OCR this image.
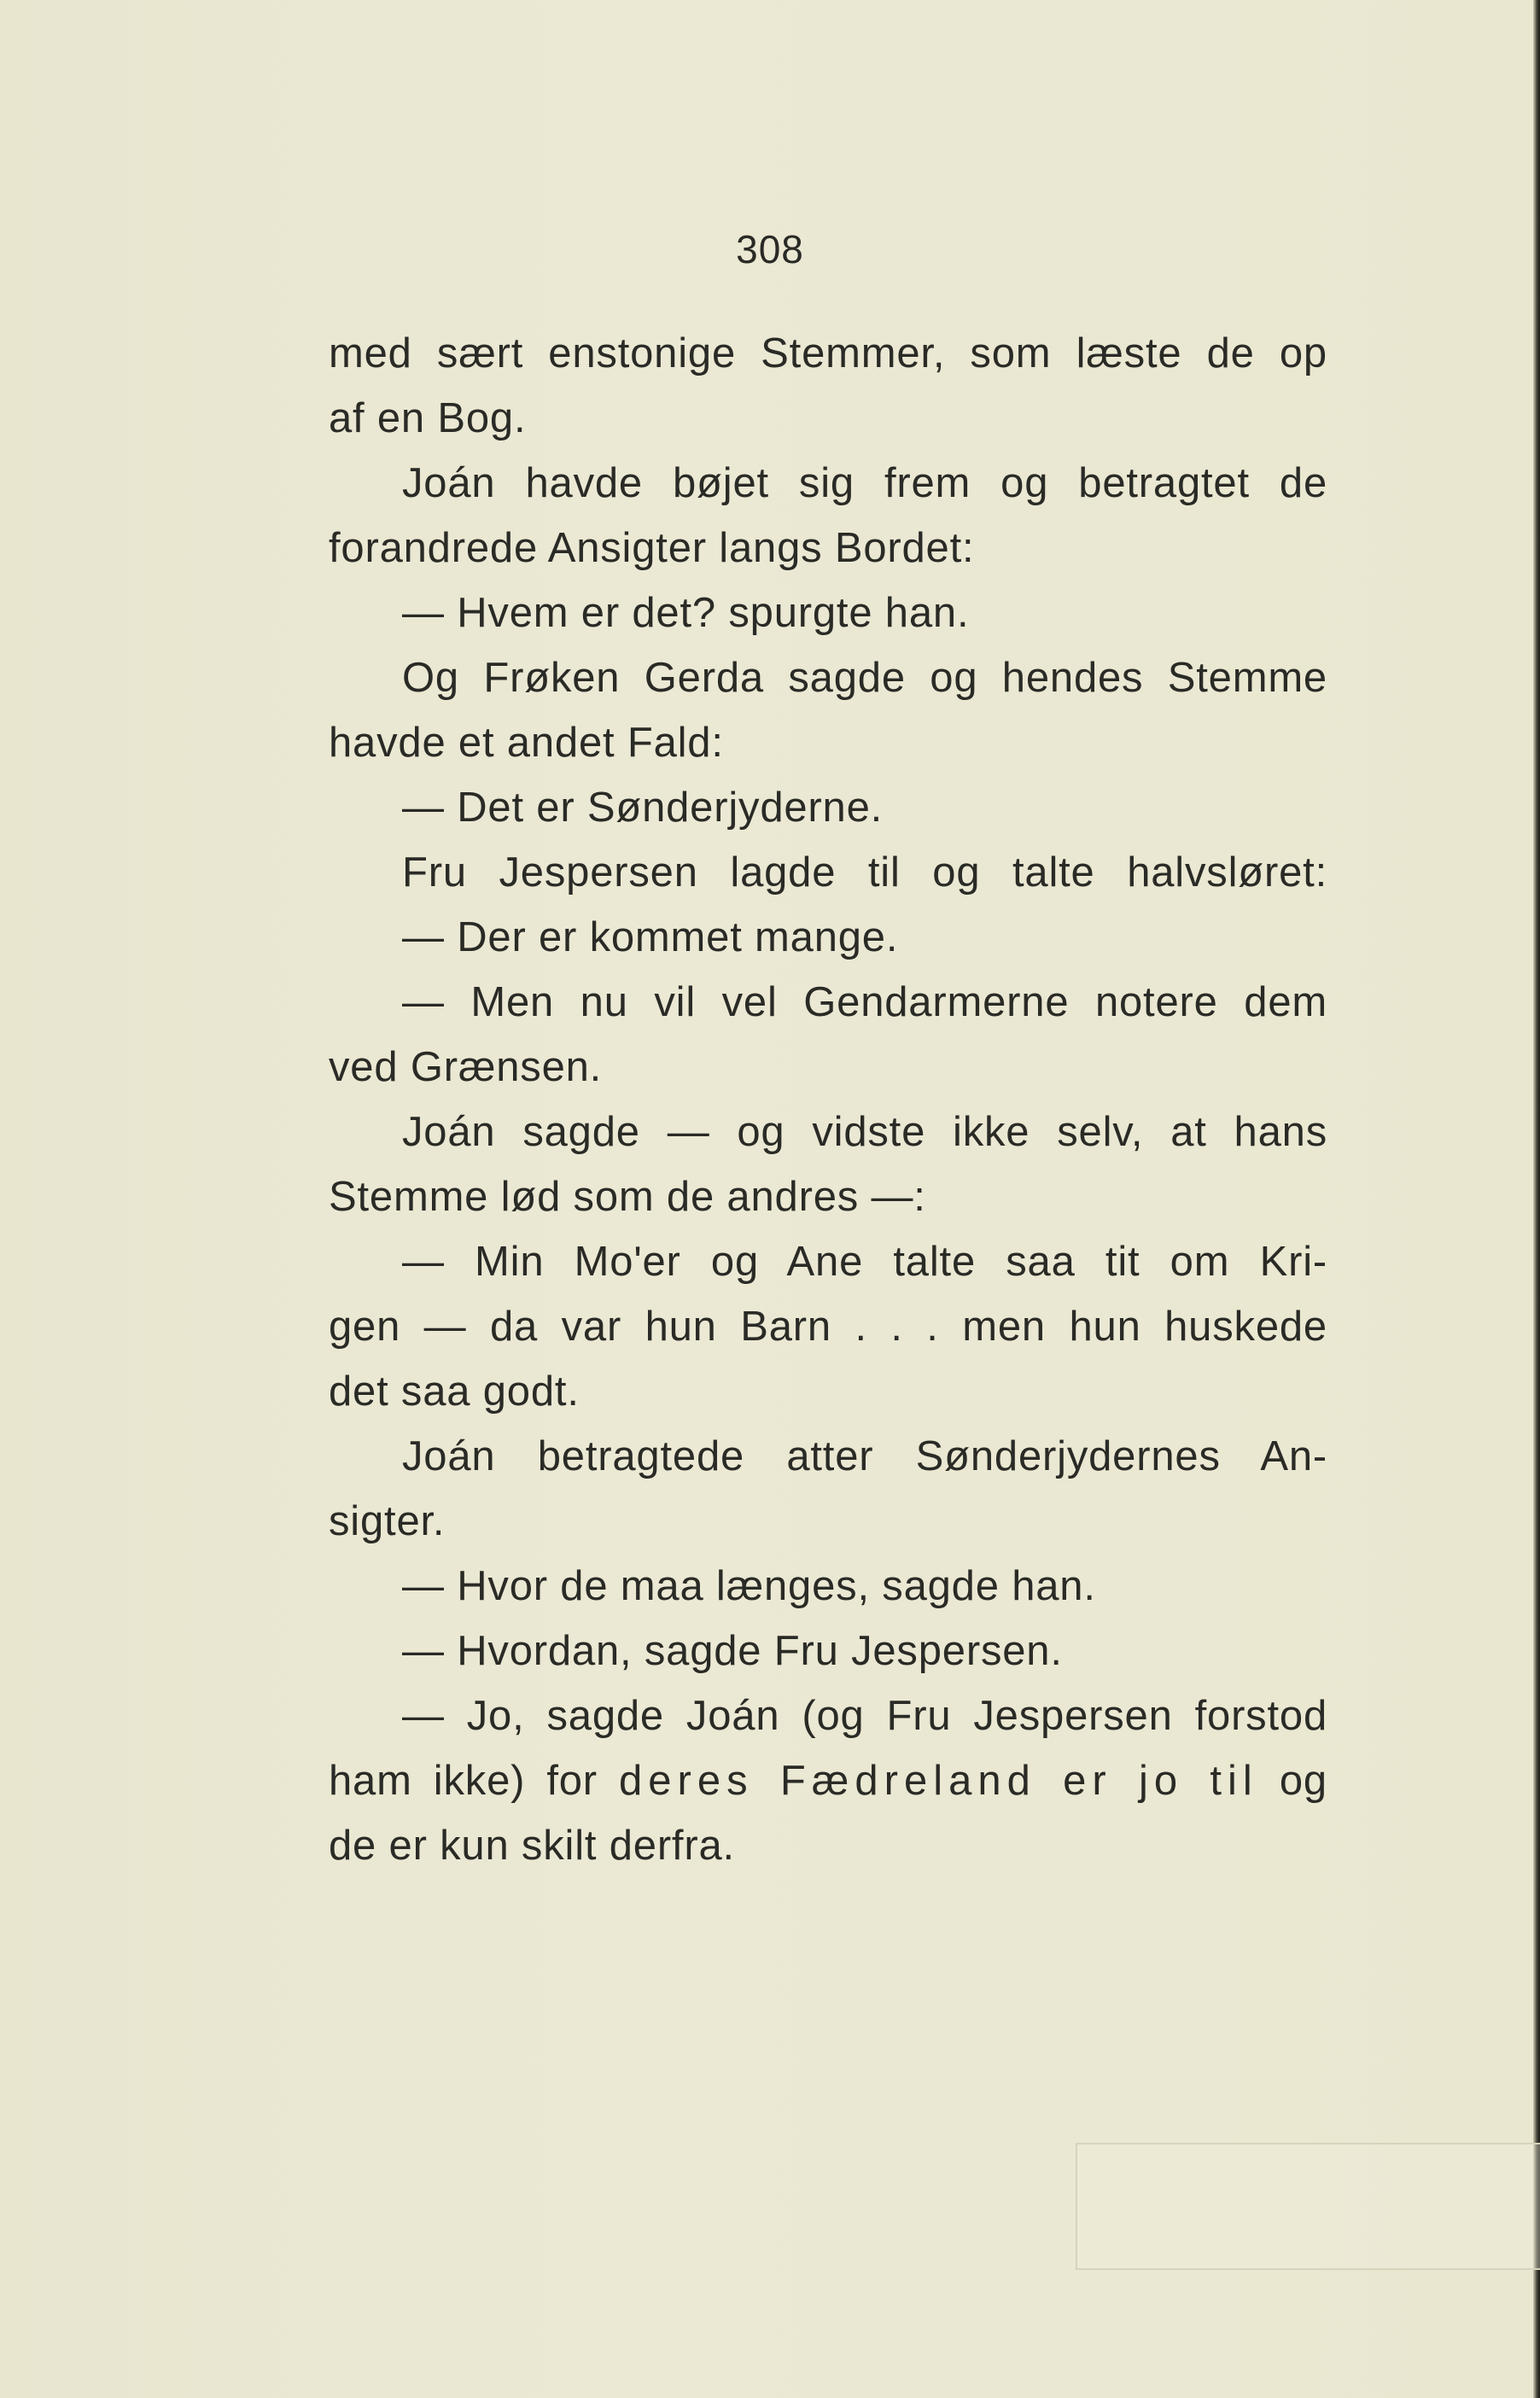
308
med sært enstonige Stemmer, som læste de op
af en Bog.
Joán havde bøjet sig frem og betragtet de
forandrede Ansigter langs Bordet:
— Hvem er det? spurgte han.
Og Frøken Gerda sagde og hendes Stemme
havde et andet Fald:
— Det er Sønderjyderne.
Fru Jespersen lagde til og talte halvsløret:
— Der er kommet mange.
— Men nu vil vel Gendarmerne notere dem
ved Grænsen.
Joán sagde — og vidste ikke selv, at hans
Stemme lød som de andres —:
— Min Mo'er og Ane talte saa tit om Kri-
gen — da var hun Barn . . . men hun huskede
det saa godt.
Joán betragtede atter Sønderjydernes An-
sigter.
— Hvor de maa længes, sagde han.
— Hvordan, sagde Fru Jespersen.
— Jo, sagde Joán (og Fru Jespersen forstod
ham ikke) for deres Fædreland er jo til og
de er kun skilt derfra.
